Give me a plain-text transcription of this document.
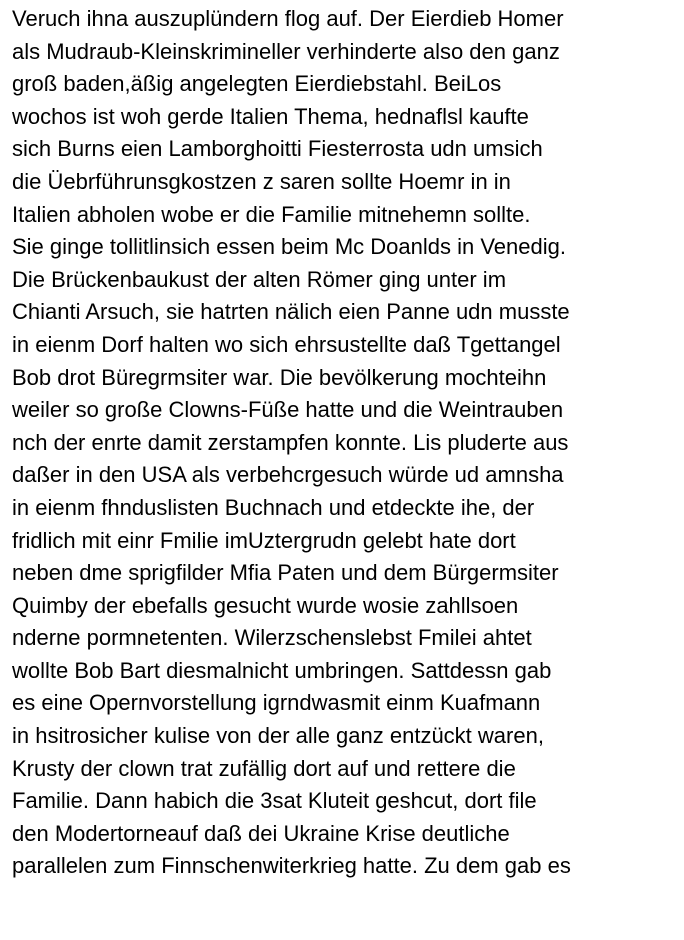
Veruch ihna auszuplündern flog auf. Der Eierdieb Homer
als Mudraub-Kleinskrimineller verhinderte also den ganz
groß baden,äßig angelegten Eierdiebstahl. BeiLos
wochos ist woh gerde Italien Thema, hednaflsl kaufte
sich Burns eien Lamborghoitti Fiesterrosta udn umsich
die Üebrführunsgkostzen z saren sollte Hoemr in in
Italien abholen wobe er die Familie mitnehemn sollte.
Sie ginge tollitlinsich essen beim Mc Doanlds in Venedig.
Die Brückenbaukust der alten Römer ging unter im
Chianti Arsuch, sie hatrten nälich eien Panne udn musste
in eienm Dorf halten wo sich ehrsustellte daß Tgettangel
Bob drot Büregrmsiter war. Die bevölkerung mochteihn
weiler so große Clowns-Füße hatte und die Weintrauben
nch der enrte damit zerstampfen konnte. Lis pluderte aus
daßer in den USA als verbehcrgesuch würde ud amnsha
in eienm fhnduslisten Buchnach und etdeckte ihe, der
fridlich mit einr Fmilie imUztergrudn gelebt hate dort
neben dme sprigfilder Mfia Paten und dem Bürgermsiter
Quimby der ebefalls gesucht wurde wosie zahllsoen
nderne pormnetenten. Wilerzschenslebst Fmilei ahtet
wollte Bob Bart diesmalnicht umbringen. Sattdessn gab
es eine Opernvorstellung igrndwasmit einm Kuafmann
in hsitrosicher kulise von der alle ganz entzückt waren,
Krusty der clown trat zufällig dort auf und rettere die
Familie. Dann habich die 3sat Kluteit geshcut, dort file
den Modertorneauf daß dei Ukraine Krise deutliche
parallelen zum Finnschenwiterkrieg hatte. Zu dem gab es
